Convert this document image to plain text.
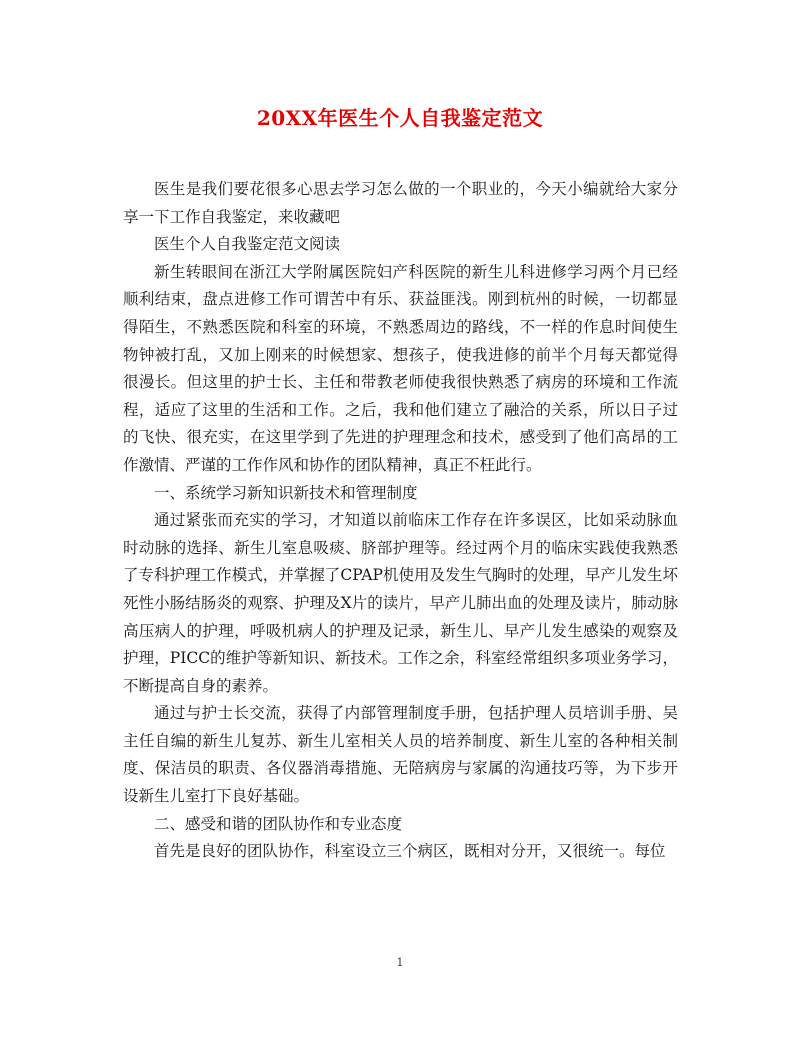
20XX年医生个人自我鉴定范文

医生是我们要花很多心思去学习怎么做的一个职业的，今天小编就给大家分享一下工作自我鉴定，来收藏吧

医生个人自我鉴定范文阅读

新生转眼间在浙江大学附属医院妇产科医院的新生儿科进修学习两个月已经顺利结束，盘点进修工作可谓苦中有乐、获益匪浅。刚到杭州的时候，一切都显得陌生，不熟悉医院和科室的环境，不熟悉周边的路线，不一样的作息时间使生物钟被打乱，又加上刚来的时候想家、想孩子，使我进修的前半个月每天都觉得很漫长。但这里的护士长、主任和带教老师使我很快熟悉了病房的环境和工作流程，适应了这里的生活和工作。之后，我和他们建立了融洽的关系，所以日子过的飞快、很充实，在这里学到了先进的护理理念和技术，感受到了他们高昂的工作激情、严谨的工作作风和协作的团队精神，真正不枉此行。

一、系统学习新知识新技术和管理制度

通过紧张而充实的学习，才知道以前临床工作存在许多误区，比如采动脉血时动脉的选择、新生儿室息吸痰、脐部护理等。经过两个月的临床实践使我熟悉了专科护理工作模式，并掌握了CPAP机使用及发生气胸时的处理，早产儿发生坏死性小肠结肠炎的观察、护理及X片的读片，早产儿肺出血的处理及读片，肺动脉高压病人的护理，呼吸机病人的护理及记录，新生儿、早产儿发生感染的观察及护理，PICC的维护等新知识、新技术。工作之余，科室经常组织多项业务学习，不断提高自身的素养。

通过与护士长交流，获得了内部管理制度手册，包括护理人员培训手册、吴主任自编的新生儿复苏、新生儿室相关人员的培养制度、新生儿室的各种相关制度、保洁员的职责、各仪器消毒措施、无陪病房与家属的沟通技巧等，为下步开设新生儿室打下良好基础。

二、感受和谐的团队协作和专业态度

首先是良好的团队协作，科室设立三个病区，既相对分开，又很统一。每位

1
